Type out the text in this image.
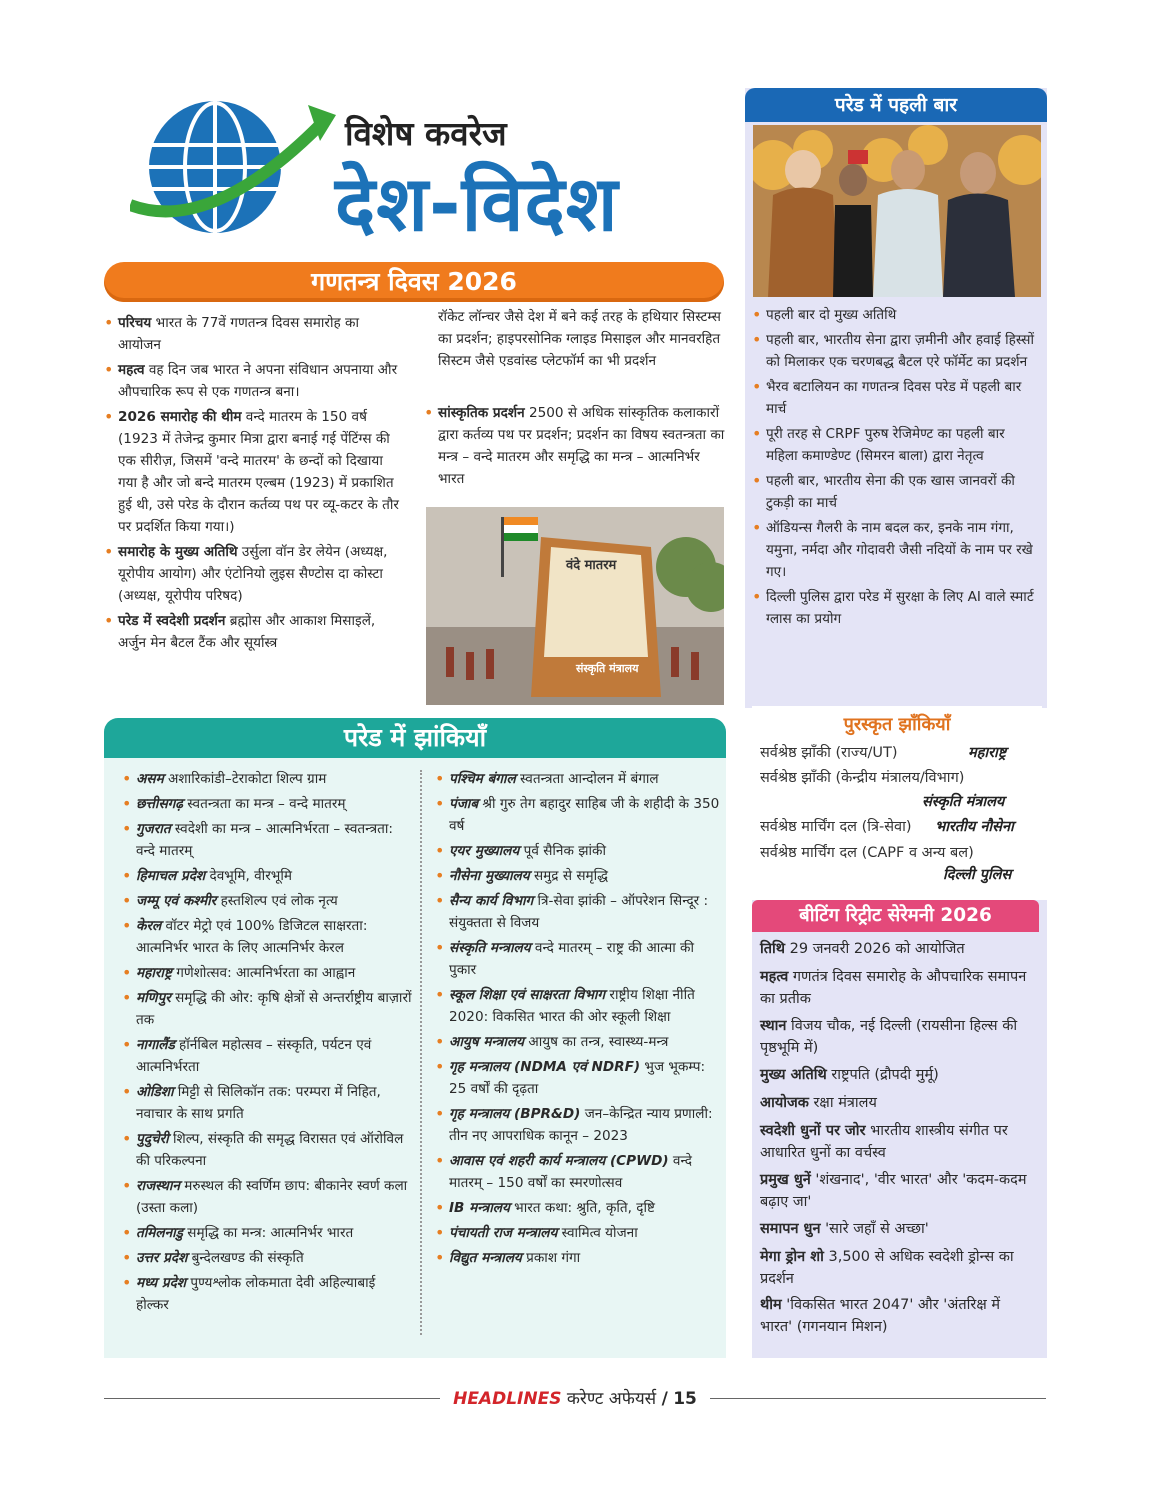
विशेष कवरेज
देश-विदेश
गणतन्त्र दिवस 2026
• परिचय भारत के 77वें गणतन्त्र दिवस समारोह का आयोजन
• महत्व वह दिन जब भारत ने अपना संविधान अपनाया और औपचारिक रूप से एक गणतन्त्र बना।
• 2026 समारोह की थीम वन्दे मातरम के 150 वर्ष (1923 में तेजेन्द्र कुमार मित्रा द्वारा बनाई गई पेंटिंग्स की एक सीरीज़, जिसमें 'वन्दे मातरम' के छन्दों को दिखाया गया है और जो बन्दे मातरम एल्बम (1923) में प्रकाशित हुई थी, उसे परेड के दौरान कर्तव्य पथ पर व्यू-कटर के तौर पर प्रदर्शित किया गया।)
• समारोह के मुख्य अतिथि उर्सुला वॉन डेर लेयेन (अध्यक्ष, यूरोपीय आयोग) और एंटोनियो लुइस सैण्टोस दा कोस्टा (अध्यक्ष, यूरोपीय परिषद)
• परेड में स्वदेशी प्रदर्शन ब्रह्मोस और आकाश मिसाइलें, अर्जुन मेन बैटल टैंक और सूर्यास्त्र
रॉकेट लॉन्चर जैसे देश में बने कई तरह के हथियार सिस्टम्स का प्रदर्शन; हाइपरसोनिक ग्लाइड मिसाइल और मानवरहित सिस्टम जैसे एडवांस्ड प्लेटफॉर्म का भी प्रदर्शन
• सांस्कृतिक प्रदर्शन 2500 से अधिक सांस्कृतिक कलाकारों द्वारा कर्तव्य पथ पर प्रदर्शन; प्रदर्शन का विषय स्वतन्त्रता का मन्त्र – वन्दे मातरम और समृद्धि का मन्त्र – आत्मनिर्भर भारत
वंदे मातरम
संस्कृति मंत्रालय
परेड में झांकियाँ
• असम अशारिकांडी–टेराकोटा शिल्प ग्राम
• छत्तीसगढ़ स्वतन्त्रता का मन्त्र – वन्दे मातरम्
• गुजरात स्वदेशी का मन्त्र – आत्मनिर्भरता – स्वतन्त्रता: वन्दे मातरम्
• हिमाचल प्रदेश देवभूमि, वीरभूमि
• जम्मू एवं कश्मीर हस्तशिल्प एवं लोक नृत्य
• केरल वॉटर मेट्रो एवं 100% डिजिटल साक्षरता: आत्मनिर्भर भारत के लिए आत्मनिर्भर केरल
• महाराष्ट्र गणेशोत्सव: आत्मनिर्भरता का आह्वान
• मणिपुर समृद्धि की ओर: कृषि क्षेत्रों से अन्तर्राष्ट्रीय बाज़ारों तक
• नागालैंड हॉर्नबिल महोत्सव – संस्कृति, पर्यटन एवं आत्मनिर्भरता
• ओडिशा मिट्टी से सिलिकॉन तक: परम्परा में निहित, नवाचार के साथ प्रगति
• पुदुचेरी शिल्प, संस्कृति की समृद्ध विरासत एवं ऑरोविल की परिकल्पना
• राजस्थान मरुस्थल की स्वर्णिम छाप: बीकानेर स्वर्ण कला (उस्ता कला)
• तमिलनाडु समृद्धि का मन्त्र: आत्मनिर्भर भारत
• उत्तर प्रदेश बुन्देलखण्ड की संस्कृति
• मध्य प्रदेश पुण्यश्लोक लोकमाता देवी अहिल्याबाई होल्कर
• पश्चिम बंगाल स्वतन्त्रता आन्दोलन में बंगाल
• पंजाब श्री गुरु तेग बहादुर साहिब जी के शहीदी के 350 वर्ष
• एयर मुख्यालय पूर्व सैनिक झांकी
• नौसेना मुख्यालय समुद्र से समृद्धि
• सैन्य कार्य विभाग त्रि-सेवा झांकी – ऑपरेशन सिन्दूर : संयुक्तता से विजय
• संस्कृति मन्त्रालय वन्दे मातरम् – राष्ट्र की आत्मा की पुकार
• स्कूल शिक्षा एवं साक्षरता विभाग राष्ट्रीय शिक्षा नीति 2020: विकसित भारत की ओर स्कूली शिक्षा
• आयुष मन्त्रालय आयुष का तन्त्र, स्वास्थ्य-मन्त्र
• गृह मन्त्रालय (NDMA एवं NDRF) भुज भूकम्प: 25 वर्षों की दृढ़ता
• गृह मन्त्रालय (BPR&D) जन–केन्द्रित न्याय प्रणाली: तीन नए आपराधिक कानून – 2023
• आवास एवं शहरी कार्य मन्त्रालय (CPWD) वन्दे मातरम् – 150 वर्षों का स्मरणोत्सव
• IB मन्त्रालय भारत कथा: श्रुति, कृति, दृष्टि
• पंचायती राज मन्त्रालय स्वामित्व योजना
• विद्युत मन्त्रालय प्रकाश गंगा
परेड में पहली बार
• पहली बार दो मुख्य अतिथि
• पहली बार, भारतीय सेना द्वारा ज़मीनी और हवाई हिस्सों को मिलाकर एक चरणबद्ध बैटल एरे फॉर्मेट का प्रदर्शन
• भैरव बटालियन का गणतन्त्र दिवस परेड में पहली बार मार्च
• पूरी तरह से CRPF पुरुष रेजिमेण्ट का पहली बार महिला कमाण्डेण्ट (सिमरन बाला) द्वारा नेतृत्व
• पहली बार, भारतीय सेना की एक खास जानवरों की टुकड़ी का मार्च
• ऑडियन्स गैलरी के नाम बदल कर, इनके नाम गंगा, यमुना, नर्मदा और गोदावरी जैसी नदियों के नाम पर रखे गए।
• दिल्ली पुलिस द्वारा परेड में सुरक्षा के लिए AI वाले स्मार्ट ग्लास का प्रयोग
पुरस्कृत झाँकियाँ
सर्वश्रेष्ठ झाँकी (राज्य/UT)	महाराष्ट्र
सर्वश्रेष्ठ झाँकी (केन्द्रीय मंत्रालय/विभाग)
संस्कृति मंत्रालय
सर्वश्रेष्ठ मार्चिंग दल (त्रि-सेवा) भारतीय नौसेना
सर्वश्रेष्ठ मार्चिंग दल (CAPF व अन्य बल)
दिल्ली पुलिस
बीटिंग रिट्रीट सेरेमनी 2026
तिथि 29 जनवरी 2026 को आयोजित
महत्व गणतंत्र दिवस समारोह के औपचारिक समापन का प्रतीक
स्थान विजय चौक, नई दिल्ली (रायसीना हिल्स की पृष्ठभूमि में)
मुख्य अतिथि राष्ट्रपति (द्रौपदी मुर्मू)
आयोजक रक्षा मंत्रालय
स्वदेशी धुनों पर जोर भारतीय शास्त्रीय संगीत पर आधारित धुनों का वर्चस्व
प्रमुख धुनें 'शंखनाद', 'वीर भारत' और 'कदम-कदम बढ़ाए जा'
समापन धुन 'सारे जहाँ से अच्छा'
मेगा ड्रोन शो 3,500 से अधिक स्वदेशी ड्रोन्स का प्रदर्शन
थीम 'विकसित भारत 2047' और 'अंतरिक्ष में भारत' (गगनयान मिशन)
HEADLINES करेण्ट अफेयर्स / 15
